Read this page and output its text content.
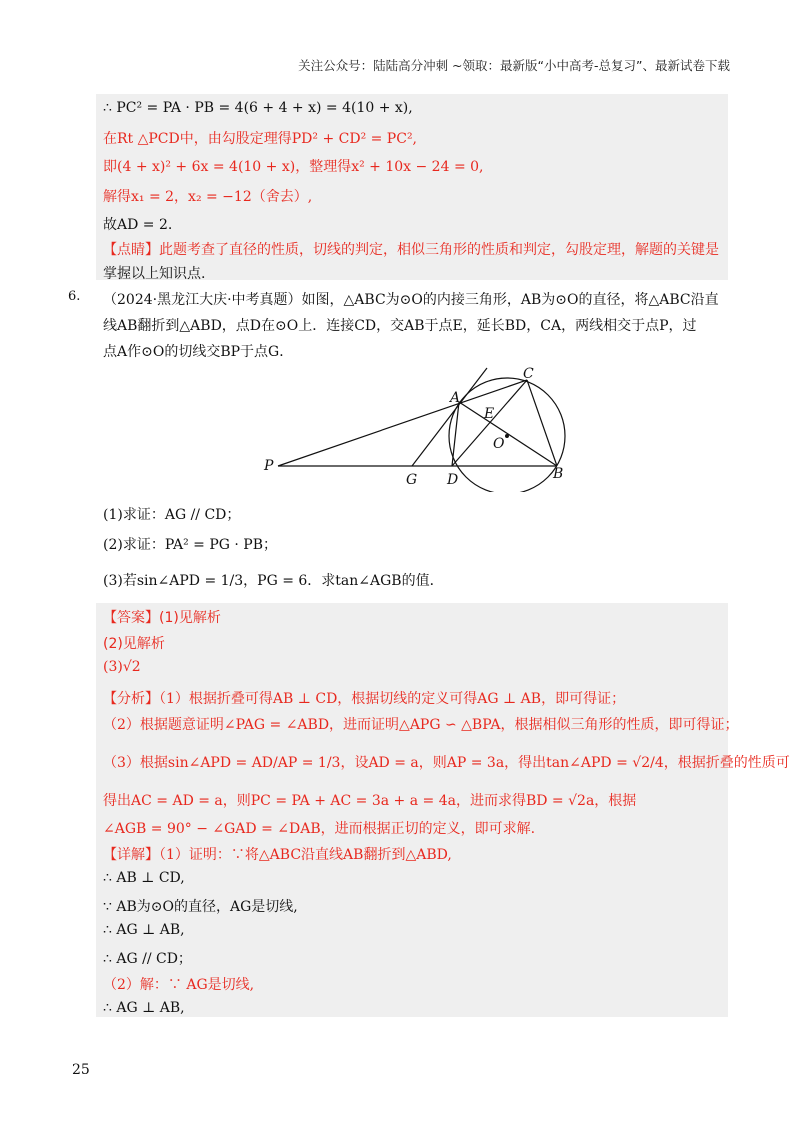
关注公众号：陆陆高分冲刺 ~领取：最新版“小中高考-总复习”、最新试卷下载
∴ PC² = PA · PB = 4(6 + 4 + x) = 4(10 + x),
在Rt △PCD中，由勾股定理得PD² + CD² = PC²,
即(4 + x)² + 6x = 4(10 + x)，整理得x² + 10x − 24 = 0,
解得x₁ = 2，x₂ = −12（舍去）,
故AD = 2.
【点睛】此题考查了直径的性质，切线的判定，相似三角形的性质和判定，勾股定理，解题的关键是
掌握以上知识点.
6. （2024·黑龙江大庆·中考真题）如图，△ABC为⊙O的内接三角形，AB为⊙O的直径，将△ABC沿直
线AB翻折到△ABD，点D在⊙O上．连接CD，交AB于点E，延长BD，CA，两线相交于点P，过
点A作⊙O的切线交BP于点G．
P
G D	B
A
C
E
O
(1)求证：AG // CD；
(2)求证：PA² = PG · PB；
(3)若sin∠APD = 1/3，PG = 6．求tan∠AGB的值．
【答案】(1)见解析
(2)见解析
(3)√2
【分析】（1）根据折叠可得AB ⊥ CD，根据切线的定义可得AG ⊥ AB，即可得证；
（2）根据题意证明∠PAG = ∠ABD，进而证明△APG ∽ △BPA，根据相似三角形的性质，即可得证；
（3）根据sin∠APD = AD/AP = 1/3，设AD = a，则AP = 3a，得出tan∠APD = √2/4，根据折叠的性质可
得出AC = AD = a，则PC = PA + AC = 3a + a = 4a，进而求得BD = √2a，根据
∠AGB = 90° − ∠GAD = ∠DAB，进而根据正切的定义，即可求解.
【详解】（1）证明：∵将△ABC沿直线AB翻折到△ABD,
∴ AB ⊥ CD,
∵ AB为⊙O的直径，AG是切线,
∴ AG ⊥ AB,
∴ AG // CD；
（2）解：∵ AG是切线,
∴ AG ⊥ AB,
25
